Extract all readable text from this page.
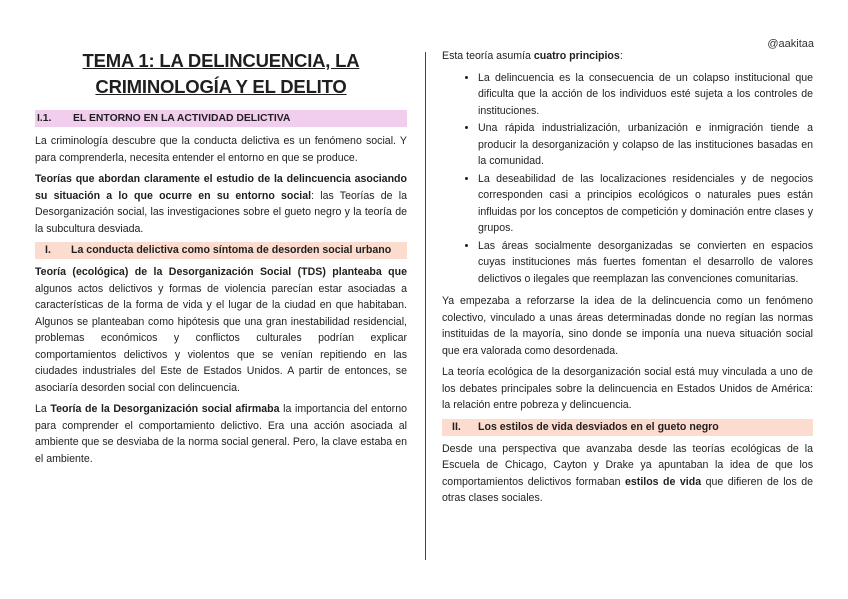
@aakitaa
TEMA 1: LA DELINCUENCIA, LA
CRIMINOLOGÍA Y EL DELITO
I.1. EL ENTORNO EN LA ACTIVIDAD DELICTIVA

La criminología descubre que la conducta delictiva es un fenómeno social. Y para comprenderla, necesita entender el entorno en que se produce.

Teorías que abordan claramente el estudio de la delincuencia asociando su situación a lo que ocurre en su entorno social: las Teorías de la Desorganización social, las investigaciones sobre el gueto negro y la teoría de la subcultura desviada.

I.	La conducta delictiva como síntoma de desorden social urbano

Teoría (ecológica) de la Desorganización Social (TDS) planteaba que algunos actos delictivos y formas de violencia parecían estar asociadas a características de la forma de vida y el lugar de la ciudad en que habitaban. Algunos se planteaban como hipótesis que una gran inestabilidad residencial, problemas económicos y conflictos culturales podrían explicar comportamientos delictivos y violentos que se venían repitiendo en las ciudades industriales del Este de Estados Unidos. A partir de entonces, se asociaría desorden social con delincuencia.

La Teoría de la Desorganización social afirmaba la importancia del entorno para comprender el comportamiento delictivo. Era una acción asociada al ambiente que se desviaba de la norma social general. Pero, la clave estaba en el ambiente.

Esta teoría asumía cuatro principios:

• La delincuencia es la consecuencia de un colapso institucional que dificulta que la acción de los individuos esté sujeta a los controles de instituciones.
• Una rápida industrialización, urbanización e inmigración tiende a producir la desorganización y colapso de las instituciones basadas en la comunidad.
• La deseabilidad de las localizaciones residenciales y de negocios corresponden casi a principios ecológicos o naturales pues están influidas por los conceptos de competición y dominación entre clases y grupos.
• Las áreas socialmente desorganizadas se convierten en espacios cuyas instituciones más fuertes fomentan el desarrollo de valores delictivos o ilegales que reemplazan las convenciones comunitarias.

Ya empezaba a reforzarse la idea de la delincuencia como un fenómeno colectivo, vinculado a unas áreas determinadas donde no regían las normas instituidas de la mayoría, sino donde se imponía una nueva situación social que era valorada como desordenada.

La teoría ecológica de la desorganización social está muy vinculada a uno de los debates principales sobre la delincuencia en Estados Unidos de América: la relación entre pobreza y delincuencia.

II.	Los estilos de vida desviados en el gueto negro

Desde una perspectiva que avanzaba desde las teorías ecológicas de la Escuela de Chicago, Cayton y Drake ya apuntaban la idea de que los comportamientos delictivos formaban estilos de vida que difieren de los de otras clases sociales.
